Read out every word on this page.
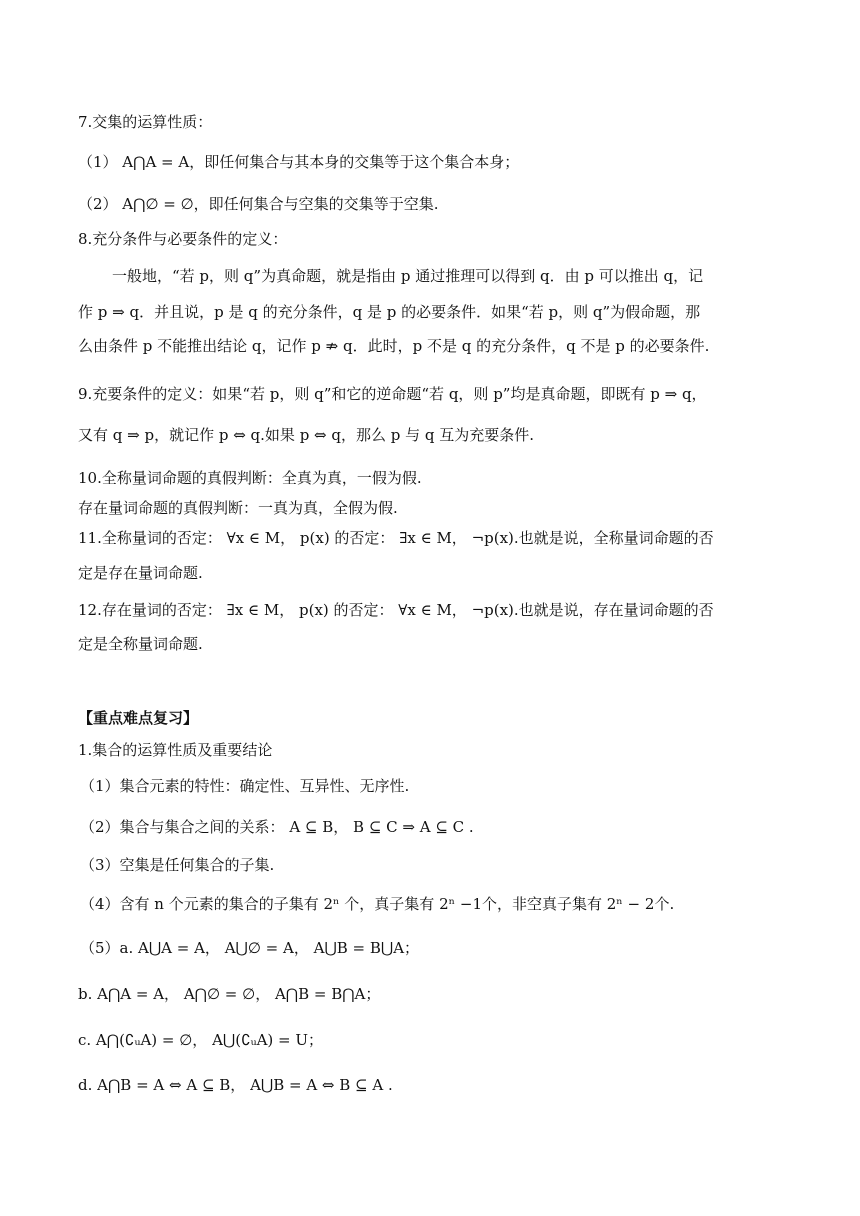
7.交集的运算性质：
（1） A⋂A = A，即任何集合与其本身的交集等于这个集合本身；
（2） A⋂∅ = ∅，即任何集合与空集的交集等于空集.
8.充分条件与必要条件的定义：
一般地，“若 p，则 q”为真命题，就是指由 p 通过推理可以得到 q．由 p 可以推出 q，记
作 p ⇒ q．并且说，p 是 q 的充分条件，q 是 p 的必要条件．如果“若 p，则 q”为假命题，那
么由条件 p 不能推出结论 q，记作 p ⇏ q．此时，p 不是 q 的充分条件，q 不是 p 的必要条件.
9.充要条件的定义：如果“若 p，则 q”和它的逆命题“若 q，则 p”均是真命题，即既有 p ⇒ q，
又有 q ⇒ p，就记作 p ⇔ q.如果 p ⇔ q，那么 p 与 q 互为充要条件.
10.全称量词命题的真假判断：全真为真，一假为假.
存在量词命题的真假判断：一真为真，全假为假.
11.全称量词的否定： ∀x ∈ M， p(x) 的否定： ∃x ∈ M， ¬p(x).也就是说，全称量词命题的否
定是存在量词命题.
12.存在量词的否定： ∃x ∈ M， p(x) 的否定： ∀x ∈ M， ¬p(x).也就是说，存在量词命题的否
定是全称量词命题.
【重点难点复习】
1.集合的运算性质及重要结论
（1）集合元素的特性：确定性、互异性、无序性.
（2）集合与集合之间的关系： A ⊆ B， B ⊆ C ⇒ A ⊆ C .
（3）空集是任何集合的子集.
（4）含有 n 个元素的集合的子集有 2ⁿ 个，真子集有 2ⁿ −1个，非空真子集有 2ⁿ − 2个.
（5）a. A⋃A = A， A⋃∅ = A， A⋃B = B⋃A；
b. A⋂A = A， A⋂∅ = ∅， A⋂B = B⋂A；
c. A⋂(∁ᵤA) = ∅， A⋃(∁ᵤA) = U；
d. A⋂B = A ⇔ A ⊆ B， A⋃B = A ⇔ B ⊆ A .
